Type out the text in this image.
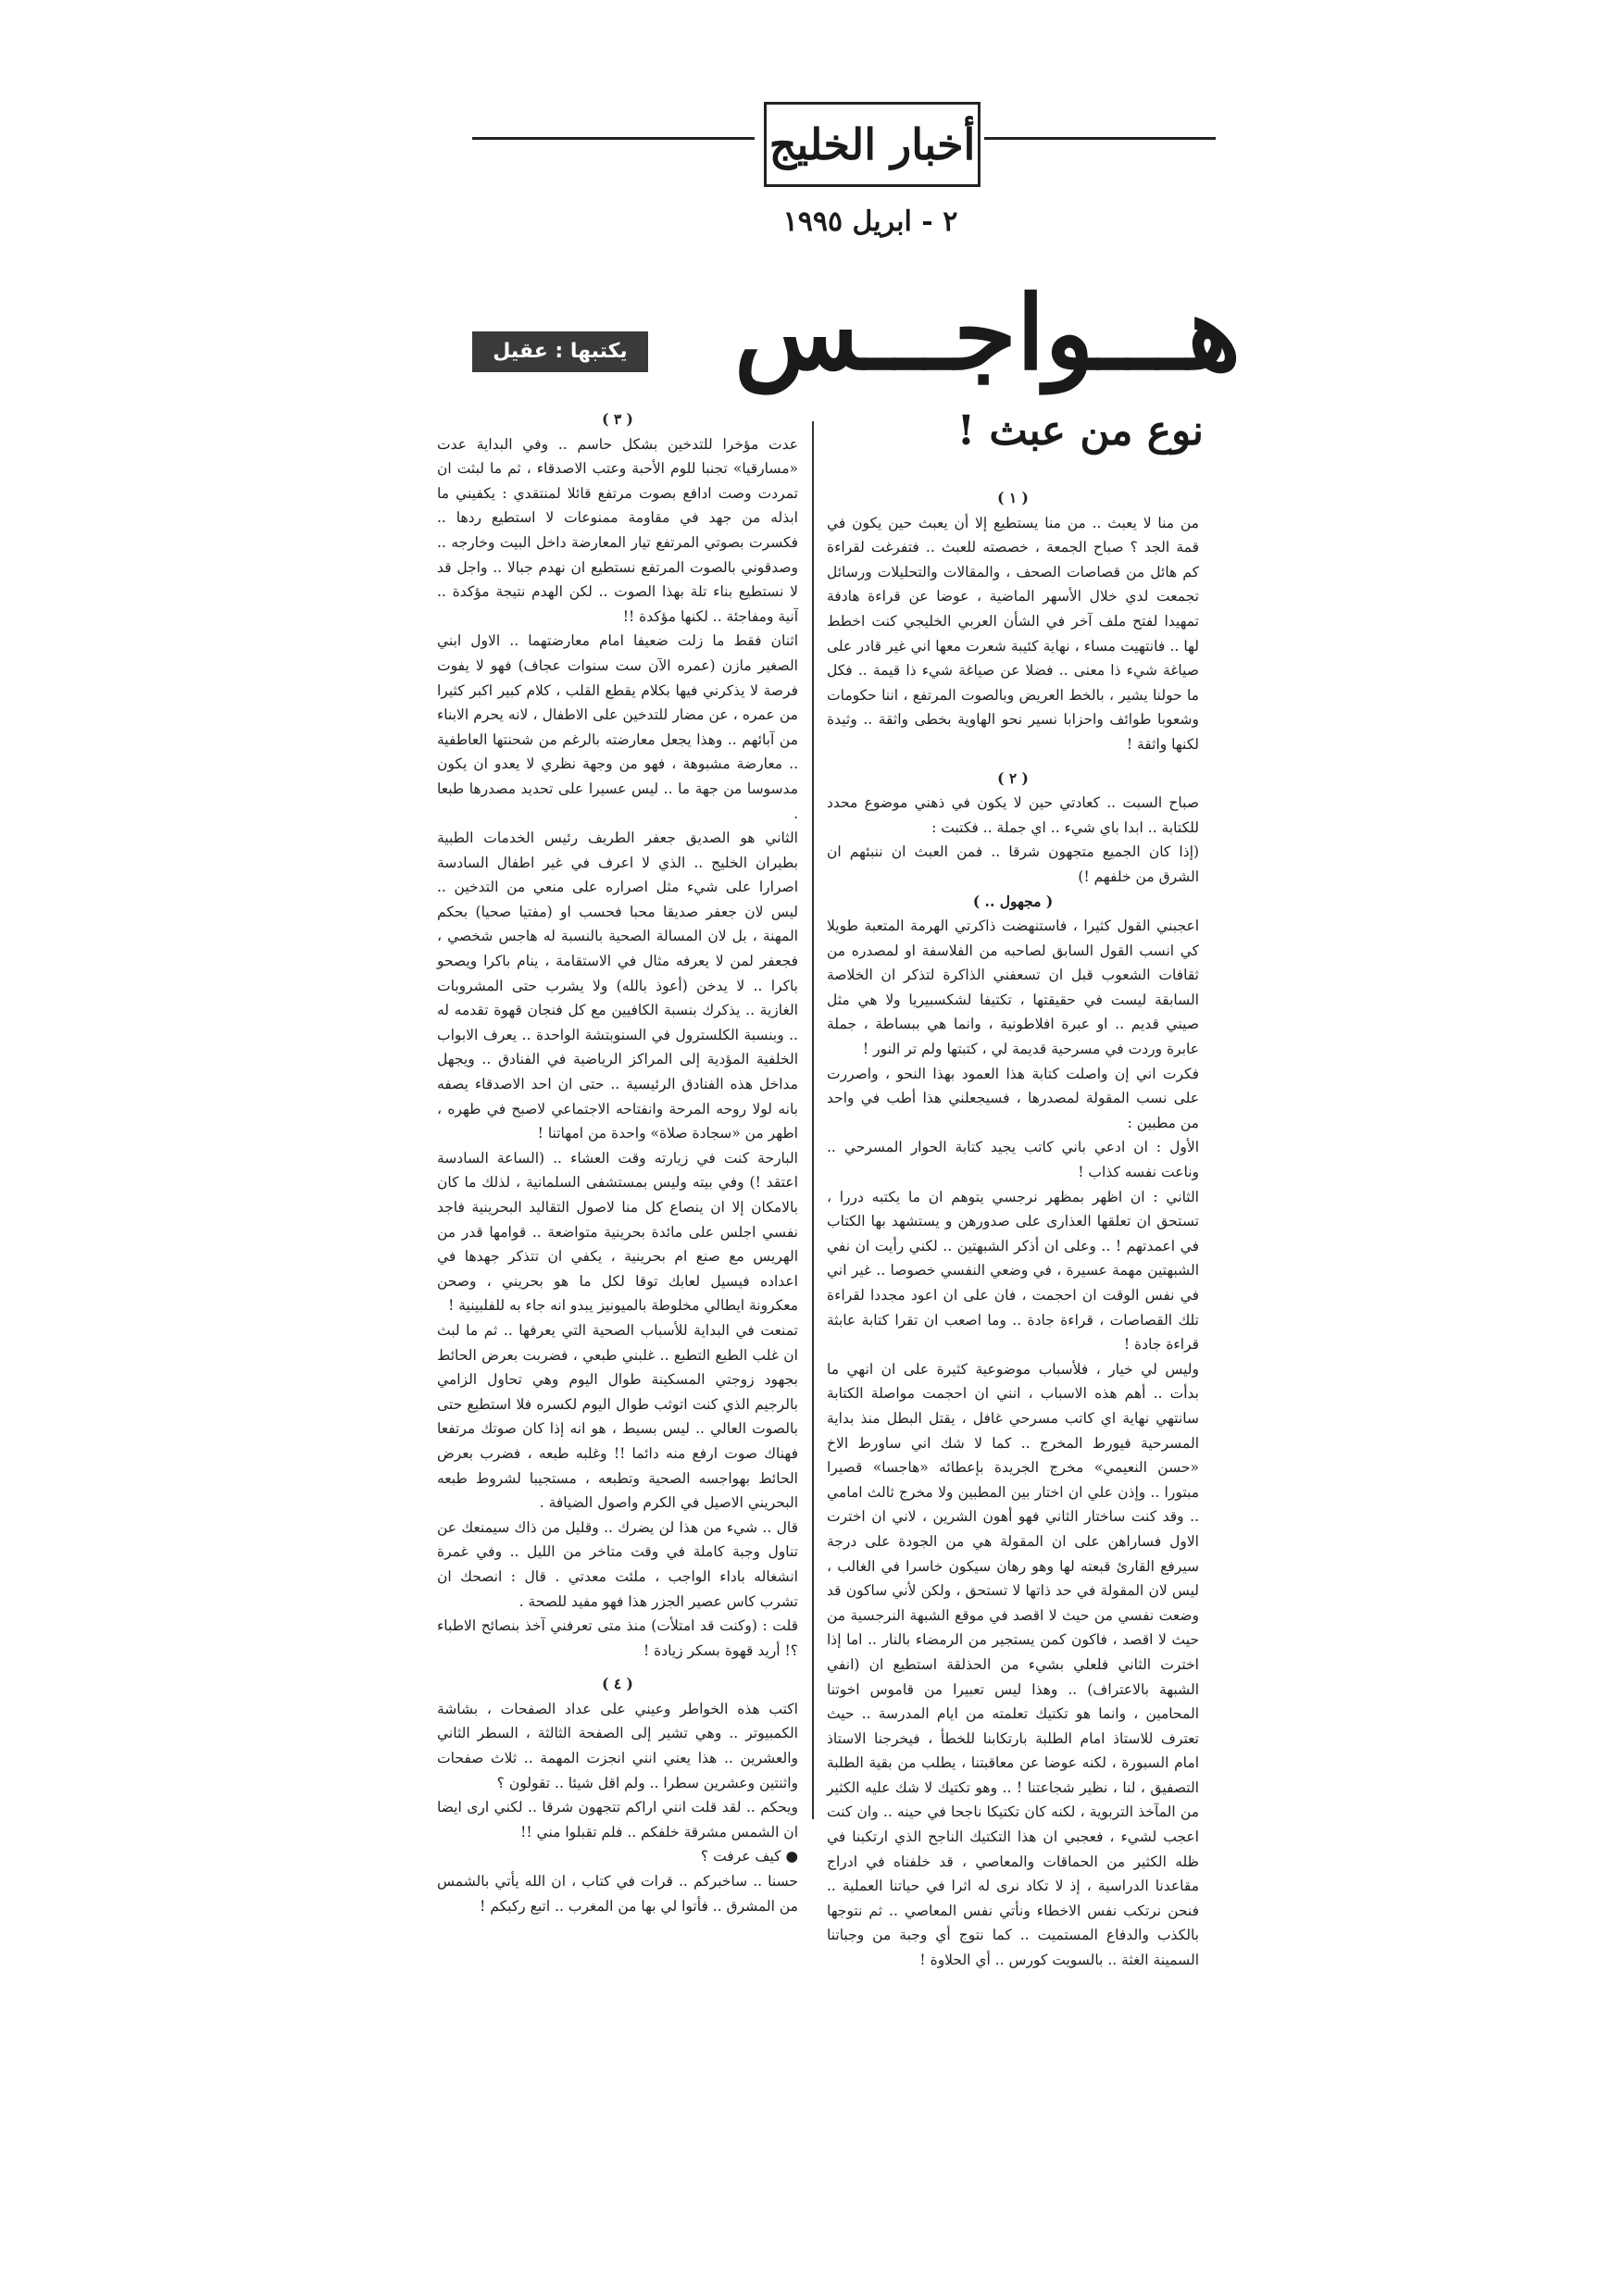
أخبار الخليج
٢ - ابريل ١٩٩٥
هـــواجـــس
يكتبها : عقيل سوار
نوع من عبث !

( ١ )

من منا لا يعبث .. من منا يستطيع إلا أن يعبث حين يكون في قمة الجد ؟ صباح الجمعة ، خصصته للعبث .. فتفرغت لقراءة كم هائل من قصاصات الصحف ، والمقالات والتحليلات ورسائل تجمعت لدي خلال الأسهر الماضية ، عوضا عن قراءة هادفة تمهيدا لفتح ملف آخر في الشأن العربي الخليجي كنت اخطط لها .. فانتهيت مساء ، نهاية كئيبة شعرت معها اني غير قادر على صياغة شيء ذا معنى .. فضلا عن صياغة شيء ذا قيمة .. فكل ما حولنا يشير ، بالخط العريض وبالصوت المرتفع ، اننا حكومات وشعوبا طوائف واحزابا نسير نحو الهاوية بخطى واثقة .. وثيدة لكنها واثقة !

( ٢ )

صباح السبت .. كعادتي حين لا يكون في ذهني موضوع محدد للكتابة .. ابدا باي شيء .. اي جملة .. فكتبت :

(إذا كان الجميع متجهون شرقا .. فمن العبث ان ننبئهم ان الشرق من خلفهم !)

( مجهول .. )

اعجبني القول كثيرا ، فاستنهضت ذاكرتي الهرمة المتعبة طويلا كي انسب القول السابق لصاحبه من الفلاسفة او لمصدره من ثقافات الشعوب قبل ان تسعفني الذاكرة لتذكر ان الخلاصة السابقة ليست في حقيقتها ، تكتيفا لشكسبيريا ولا هي مثل صيني قديم .. او عبرة افلاطونية ، وانما هي ببساطة ، جملة عابرة وردت في مسرحية قديمة لي ، كتبتها ولم تر النور !

فكرت اني إن واصلت كتابة هذا العمود بهذا النحو ، واصررت على نسب المقولة لمصدرها ، فسيجعلني هذا أطب في واحد من مطبين :

الأول : ان ادعي باني كاتب يجيد كتابة الحوار المسرحي .. وناعت نفسه كذاب !

الثاني : ان اظهر بمظهر نرجسي يتوهم ان ما يكتبه دررا ، تستحق ان تعلقها العذارى على صدورهن و يستشهد بها الكتاب في اعمدتهم ! .. وعلى ان أذكر الشبهتين .. لكني رأيت ان نفي الشبهتين مهمة عسيرة ، في وضعي النفسي خصوصا .. غير اني في نفس الوقت ان احجمت ، فان على ان اعود مجددا لقراءة تلك القصاصات ، قراءة جادة .. وما اصعب ان تقرا كتابة عابثة قراءة جادة !

وليس لي خيار ، فلأسباب موضوعية كثيرة على ان انهي ما بدأت .. أهم هذه الاسباب ، انني ان احجمت مواصلة الكتابة سانتهي نهاية اي كاتب مسرحي غافل ، يقتل البطل منذ بداية المسرحية فيورط المخرج .. كما لا شك اني ساورط الاخ «حسن النعيمي» مخرج الجريدة بإعطائه «هاجسا» قصيرا مبتورا .. وإذن علي ان اختار بين المطبين ولا مخرج ثالث امامي .. وقد كنت ساختار الثاني فهو أهون الشرين ، لاني ان اخترت الاول فساراهن على ان المقولة هي من الجودة على درجة سيرفع القارئ قبعته لها وهو رهان سيكون خاسرا في الغالب ، ليس لان المقولة في حد ذاتها لا تستحق ، ولكن لأني ساكون قد وضعت نفسي من حيث لا اقصد في موقع الشبهة النرجسية من حيث لا اقصد ، فاكون كمن يستجير من الرمضاء بالنار .. اما إذا اخترت الثاني فلعلي بشيء من الحذلقة استطيع ان (انفي الشبهة بالاعتراف) .. وهذا ليس تعبيرا من قاموس اخوتنا المحامين ، وانما هو تكتيك تعلمته من ايام المدرسة .. حيث تعترف للاستاذ امام الطلبة بارتكابنا للخطأ ، فيخرجنا الاستاذ امام السبورة ، لكنه عوضا عن معاقبتنا ، يطلب من بقية الطلبة التصفيق ، لنا ، نظير شجاعتنا ! .. وهو تكتيك لا شك عليه الكثير من المآخذ التربوية ، لكنه كان تكتيكا ناجحا في حينه .. وان كنت اعجب لشيء ، فعجبي ان هذا التكتيك الناجح الذي ارتكبنا في ظله الكثير من الحماقات والمعاصي ، قد خلفناه في ادراج مقاعدنا الدراسية ، إذ لا تكاد نرى له اثرا في حياتنا العملية .. فنحن نرتكب نفس الاخطاء ونأتي نفس المعاصي .. ثم نتوجها بالكذب والدفاع المستميت .. كما نتوج أي وجبة من وجباتنا السمينة الغثة .. بالسويت كورس .. أي الحلاوة !

( ٣ )

عدت مؤخرا للتدخين بشكل حاسم .. وفي البداية عدت «مسارقيا» تجنبا للوم الأحبة وعتب الاصدقاء ، ثم ما لبثت ان تمردت وصت ادافع بصوت مرتفع قائلا لمنتقدي : يكفيني ما ابذله من جهد في مقاومة ممنوعات لا استطيع ردها .. فكسرت بصوتي المرتفع تيار المعارضة داخل البيت وخارجه .. وصدقوني بالصوت المرتفع نستطيع ان نهدم جبالا .. واجل قد لا نستطيع بناء تلة بهذا الصوت .. لكن الهدم نتيجة مؤكدة .. آنية ومفاجئة .. لكنها مؤكدة !!

اثنان فقط ما زلت ضعيفا امام معارضتهما .. الاول ابني الصغير مازن (عمره الآن ست سنوات عجاف) فهو لا يفوت فرصة لا يذكرني فيها بكلام يقطع القلب ، كلام كبير اكبر كثيرا من عمره ، عن مضار للتدخين على الاطفال ، لانه يحرم الابناء من آبائهم .. وهذا يجعل معارضته بالرغم من شحنتها العاطفية .. معارضة مشبوهة ، فهو من وجهة نظري لا يعدو ان يكون مدسوسا من جهة ما .. ليس عسيرا على تحديد مصدرها طبعا .

الثاني هو الصديق جعفر الطريف رئيس الخدمات الطبية بطيران الخليج .. الذي لا اعرف في غير اطفال السادسة اصرارا على شيء مثل اصراره على منعي من التدخين .. ليس لان جعفر صديقا محبا فحسب او (مفتيا صحيا) بحكم المهنة ، بل لان المسالة الصحية بالنسبة له هاجس شخصي ، فجعفر لمن لا يعرفه مثال في الاستقامة ، ينام باكرا ويصحو باكرا .. لا يدخن (أعوذ بالله) ولا يشرب حتى المشروبات الغازية .. يذكرك بنسبة الكافيين مع كل فنجان قهوة تقدمه له .. وبنسبة الكلسترول في السنوبتشة الواحدة .. يعرف الابواب الخلفية المؤدية إلى المراكز الرياضية في الفنادق .. ويجهل مداخل هذه الفنادق الرئيسية .. حتى ان احد الاصدقاء يصفه بانه لولا روحه المرحة وانفتاحه الاجتماعي لاصبح في طهره ، اطهر من «سجادة صلاة» واحدة من امهاتنا !

البارحة كنت في زيارته وقت العشاء .. (الساعة السادسة اعتقد !) وفي بيته وليس بمستشفى السلمانية ، لذلك ما كان بالامكان إلا ان ينصاع كل منا لاصول التقاليد البحرينية فاجد نفسي اجلس على مائدة بحرينية متواضعة .. قوامها قدر من الهريس مع صنع ام بحرينية ، يكفي ان تتذكر جهدها في اعداده فيسيل لعابك توقا لكل ما هو بحريني ، وصحن معكرونة ايطالي مخلوطة بالميونيز يبدو انه جاء به للفلبينية !

تمنعت في البداية للأسباب الصحية التي يعرفها .. ثم ما لبث ان غلب الطبع التطبع .. غلبني طبعي ، فضربت بعرض الحائط بجهود زوجتي المسكينة طوال اليوم وهي تحاول الزامي بالرجيم الذي كنت اتوثب طوال اليوم لكسره فلا استطيع حتى بالصوت العالي .. ليس بسيط ، هو انه إذا كان صوتك مرتفعا فهناك صوت ارفع منه دائما !! وغلبه طبعه ، فضرب بعرض الحائط بهواجسه الصحية وتطبعه ، مستجيبا لشروط طبعه البحريني الاصيل في الكرم واصول الضيافة .

قال .. شيء من هذا لن يضرك .. وقليل من ذاك سيمنعك عن تناول وجبة كاملة في وقت متاخر من الليل .. وفي غمرة انشغاله باداء الواجب ، ملئت معدتي . قال : انصحك ان تشرب كاس عصير الجزر هذا فهو مفيد للصحة .

قلت : (وكنت قد امتلأت) منذ متى تعرفني آخذ بنصائح الاطباء ؟! أريد قهوة بسكر زيادة !

( ٤ )

اكتب هذه الخواطر وعيني على عداد الصفحات ، بشاشة الكمبيوتر .. وهي تشير إلى الصفحة الثالثة ، السطر الثاني والعشرين .. هذا يعني انني انجزت المهمة .. ثلاث صفحات واثنتين وعشرين سطرا .. ولم اقل شيئا .. تقولون ؟

ويحكم .. لقد قلت انني اراكم تتجهون شرقا .. لكني ارى ايضا ان الشمس مشرقة خلفكم .. فلم تقبلوا مني !!

● كيف عرفت ؟

حسنا .. ساخبركم .. قرات في كتاب ، ان الله يأتي بالشمس من المشرق .. فأتوا لي بها من المغرب .. اتبع ركبكم !
